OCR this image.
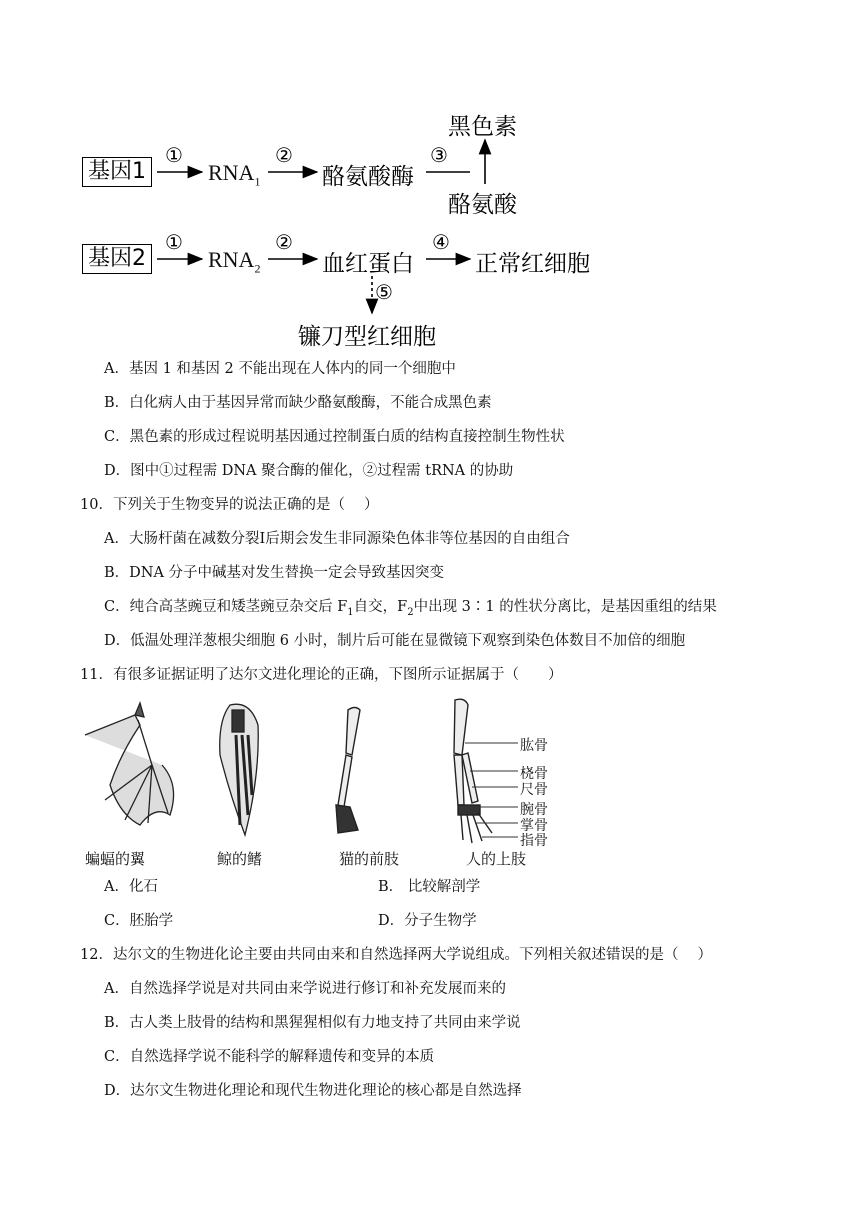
基因1
①
$RNA_1$
②
酪氨酸酶
③
黑色素
酪氨酸
基因2
①
$RNA_2$
②
血红蛋白
④
正常红细胞
⑤
镰刀型红细胞
A．基因 1 和基因 2 不能出现在人体内的同一个细胞中
B．白化病人由于基因异常而缺少酪氨酸酶，不能合成黑色素
C．黑色素的形成过程说明基因通过控制蛋白质的结构直接控制生物性状
D．图中①过程需 DNA 聚合酶的催化，②过程需 tRNA 的协助
10．下列关于生物变异的说法正确的是（　 ）
A．大肠杆菌在减数分裂Ⅰ后期会发生非同源染色体非等位基因的自由组合
B．DNA 分子中碱基对发生替换一定会导致基因突变
C．纯合高茎豌豆和矮茎豌豆杂交后 $F_1$自交，$F_2$中出现 3∶1 的性状分离比，是基因重组的结果
D．低温处理洋葱根尖细胞 6 小时，制片后可能在显微镜下观察到染色体数目不加倍的细胞
11．有很多证据证明了达尔文进化理论的正确，下图所示证据属于（　　）
肱骨
桡骨
尺骨
腕骨
掌骨
指骨
蝙蝠的翼	鲸的鳍	猫的前肢	人的上肢
A．化石	B． 比较解剖学
C．胚胎学	D．分子生物学
12．达尔文的生物进化论主要由共同由来和自然选择两大学说组成。下列相关叙述错误的是（　 ）
A．自然选择学说是对共同由来学说进行修订和补充发展而来的
B．古人类上肢骨的结构和黑猩猩相似有力地支持了共同由来学说
C．自然选择学说不能科学的解释遗传和变异的本质
D．达尔文生物进化理论和现代生物进化理论的核心都是自然选择
